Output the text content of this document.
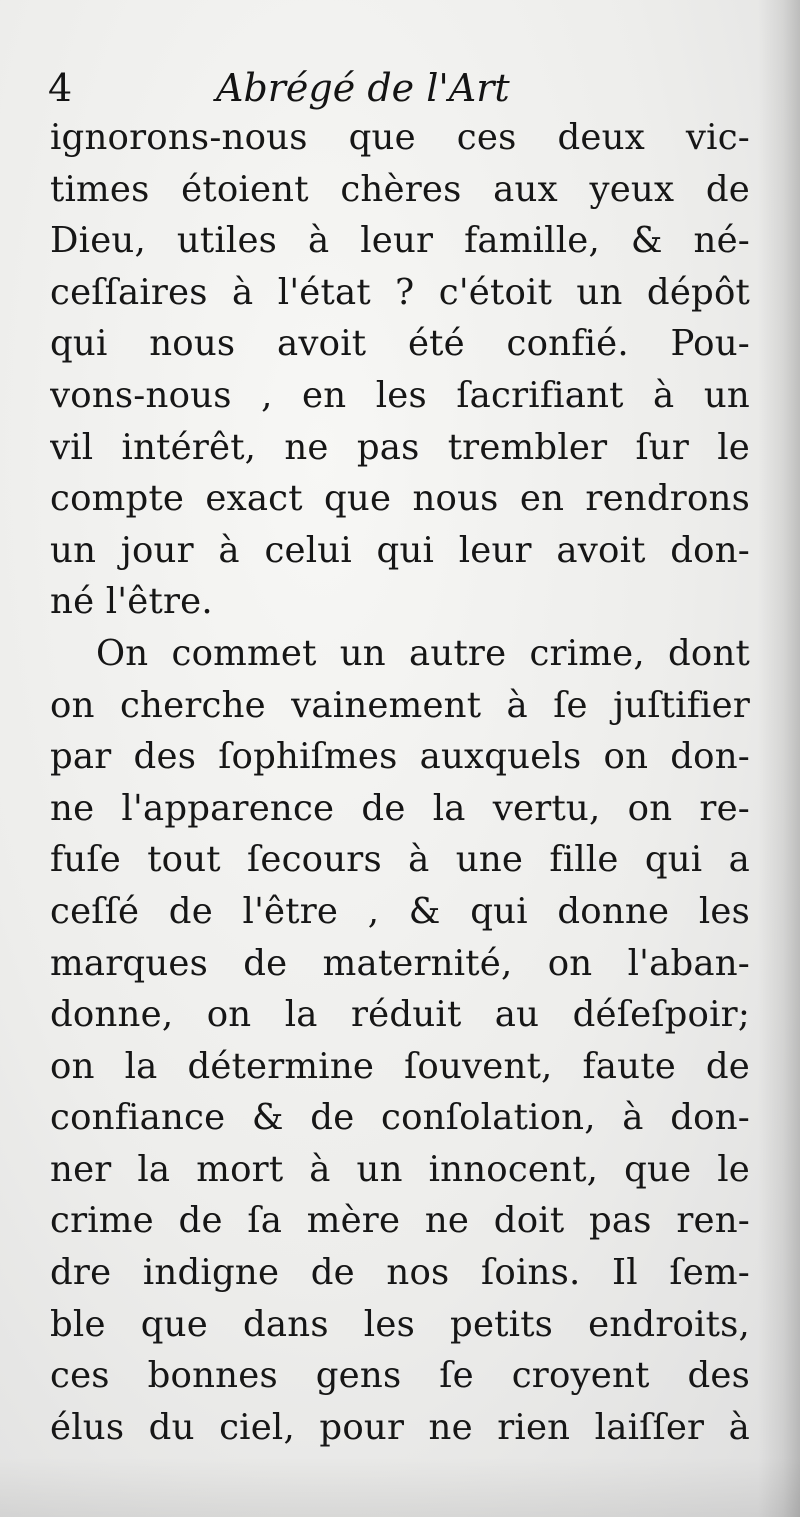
4	Abrégé de l'Art
ignorons-nous que ces deux vic-
times étoient chères aux yeux de
Dieu, utiles à leur famille, & né-
ceſſaires à l'état ? c'étoit un dépôt
qui nous avoit été confié. Pou-
vons-nous , en les ſacrifiant à un
vil intérêt, ne pas trembler ſur le
compte exact que nous en rendrons
un jour à celui qui leur avoit don-
né l'être.
On commet un autre crime, dont
on cherche vainement à ſe juſtifier
par des ſophiſmes auxquels on don-
ne l'apparence de la vertu, on re-
fuſe tout ſecours à une fille qui a
ceſſé de l'être , & qui donne les
marques de maternité, on l'aban-
donne, on la réduit au déſeſpoir;
on la détermine ſouvent, faute de
confiance & de conſolation, à don-
ner la mort à un innocent, que le
crime de ſa mère ne doit pas ren-
dre indigne de nos ſoins. Il ſem-
ble que dans les petits endroits,
ces bonnes gens ſe croyent des
élus du ciel, pour ne rien laiſſer à
